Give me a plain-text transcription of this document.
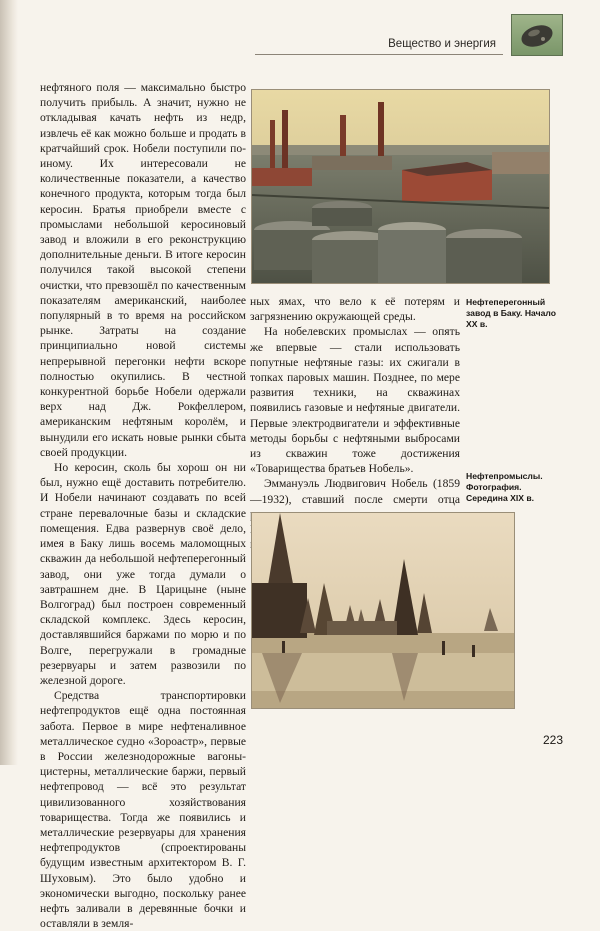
Вещество и энергия

нефтяного поля — максимально быстро получить прибыль. А значит, нужно не откладывая качать нефть из недр, извлечь её как можно больше и продать в кратчайший срок. Нобели поступили по-иному. Их интересовали не количественные показатели, а качество конечного продукта, которым тогда был керосин. Братья приобрели вместе с промыслами небольшой керосиновый завод и вложили в его реконструкцию дополнительные деньги. В итоге керосин получился такой высокой степени очистки, что превзошёл по качественным показателям американский, наиболее популярный в то время на российском рынке. Затраты на создание принципиально новой системы непрерывной перегонки нефти вскоре полностью окупились. В честной конкурентной борьбе Нобели одержали верх над Дж. Рокфеллером, американским нефтяным королём, и вынудили его искать новые рынки сбыта своей продукции.

Но керосин, сколь бы хорош он ни был, нужно ещё доставить потребителю. И Нобели начинают создавать по всей стране перевалочные базы и складские помещения. Едва развернув своё дело, имея в Баку лишь восемь маломощных скважин да небольшой нефтеперегонный завод, они уже тогда думали о завтрашнем дне. В Царицыне (ныне Волгоград) был построен современный складской комплекс. Здесь керосин, доставлявшийся баржами по морю и по Волге, перегружали в громадные резервуары и затем развозили по железной дороге.

Средства транспортировки нефтепродуктов ещё одна постоянная забота. Первое в мире нефтеналивное металлическое судно «Зороастр», первые в России железнодорожные вагоны-цистерны, металлические баржи, первый нефтепровод — всё это результат цивилизованного хозяйствования товарищества. Тогда же появились и металлические резервуары для хранения нефтепродуктов (спроектированы будущим известным архитектором В. Г. Шуховым). Это было удобно и экономически выгодно, поскольку ранее нефть заливали в деревянные бочки и оставляли в земля-

Нефтеперегонный завод в Баку. Начало XX в.

ных ямах, что вело к её потерям и загрязнению окружающей среды.

На нобелевских промыслах — опять же впервые — стали использовать попутные нефтяные газы: их сжигали в топках паровых машин. Позднее, по мере развития техники, на скважинах появились газовые и нефтяные двигатели. Первые электродвигатели и эффективные методы борьбы с нефтяными выбросами из скважин тоже достижения «Товарищества братьев Нобель».

Эммануэль Людвигович Нобель (1859—1932), ставший после смерти отца

Нефтепромыслы. Фотография. Середина XIX в.
223
